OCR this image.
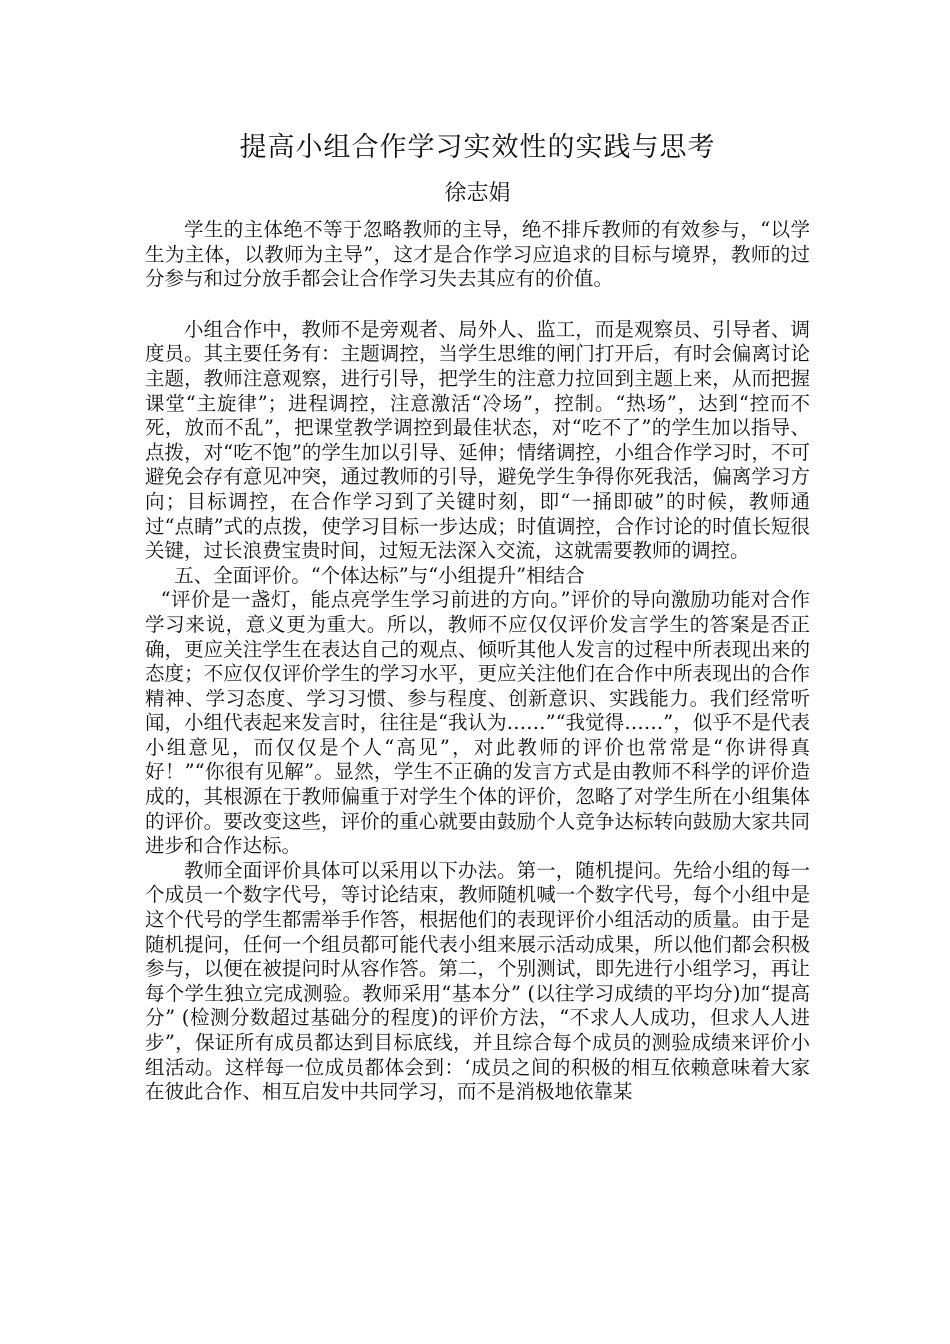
提高小组合作学习实效性的实践与思考
徐志娟

学生的主体绝不等于忽略教师的主导，绝不排斥教师的有效参与，“以学生为主体，以教师为主导”，这才是合作学习应追求的目标与境界，教师的过分参与和过分放手都会让合作学习失去其应有的价值。

小组合作中，教师不是旁观者、局外人、监工，而是观察员、引导者、调度员。其主要任务有：主题调控，当学生思维的闸门打开后，有时会偏离讨论主题，教师注意观察，进行引导，把学生的注意力拉回到主题上来，从而把握课堂“主旋律”；进程调控，注意激活“冷场”，控制。“热场”，达到“控而不死，放而不乱”，把课堂教学调控到最佳状态，对“吃不了”的学生加以指导、点拨，对“吃不饱”的学生加以引导、延伸；情绪调控，小组合作学习时，不可避免会存有意见冲突，通过教师的引导，避免学生争得你死我活，偏离学习方向；目标调控，在合作学习到了关键时刻，即“一捅即破”的时候，教师通过“点睛”式的点拨，使学习目标一步达成；时值调控，合作讨论的时值长短很关键，过长浪费宝贵时间，过短无法深入交流，这就需要教师的调控。

五、全面评价。“个体达标”与“小组提升”相结合

“评价是一盏灯，能点亮学生学习前进的方向。”评价的导向激励功能对合作学习来说，意义更为重大。所以，教师不应仅仅评价发言学生的答案是否正确，更应关注学生在表达自己的观点、倾听其他人发言的过程中所表现出来的态度；不应仅仅评价学生的学习水平，更应关注他们在合作中所表现出的合作精神、学习态度、学习习惯、参与程度、创新意识、实践能力。我们经常听闻，小组代表起来发言时，往往是“我认为……”“我觉得……”，似乎不是代表小组意见，而仅仅是个人“高见”，对此教师的评价也常常是“你讲得真好！”“你很有见解”。显然，学生不正确的发言方式是由教师不科学的评价造成的，其根源在于教师偏重于对学生个体的评价，忽略了对学生所在小组集体的评价。要改变这些，评价的重心就要由鼓励个人竞争达标转向鼓励大家共同进步和合作达标。

教师全面评价具体可以采用以下办法。第一，随机提问。先给小组的每一个成员一个数字代号，等讨论结束，教师随机喊一个数字代号，每个小组中是这个代号的学生都需举手作答，根据他们的表现评价小组活动的质量。由于是随机提问，任何一个组员都可能代表小组来展示活动成果，所以他们都会积极参与，以便在被提问时从容作答。第二，个别测试，即先进行小组学习，再让每个学生独立完成测验。教师采用“基本分” (以往学习成绩的平均分)加“提高分” (检测分数超过基础分的程度)的评价方法，“不求人人成功，但求人人进步”，保证所有成员都达到目标底线，并且综合每个成员的测验成绩来评价小组活动。这样每一位成员都体会到：‘成员之间的积极的相互依赖意味着大家在彼此合作、相互启发中共同学习，而不是消极地依靠某
